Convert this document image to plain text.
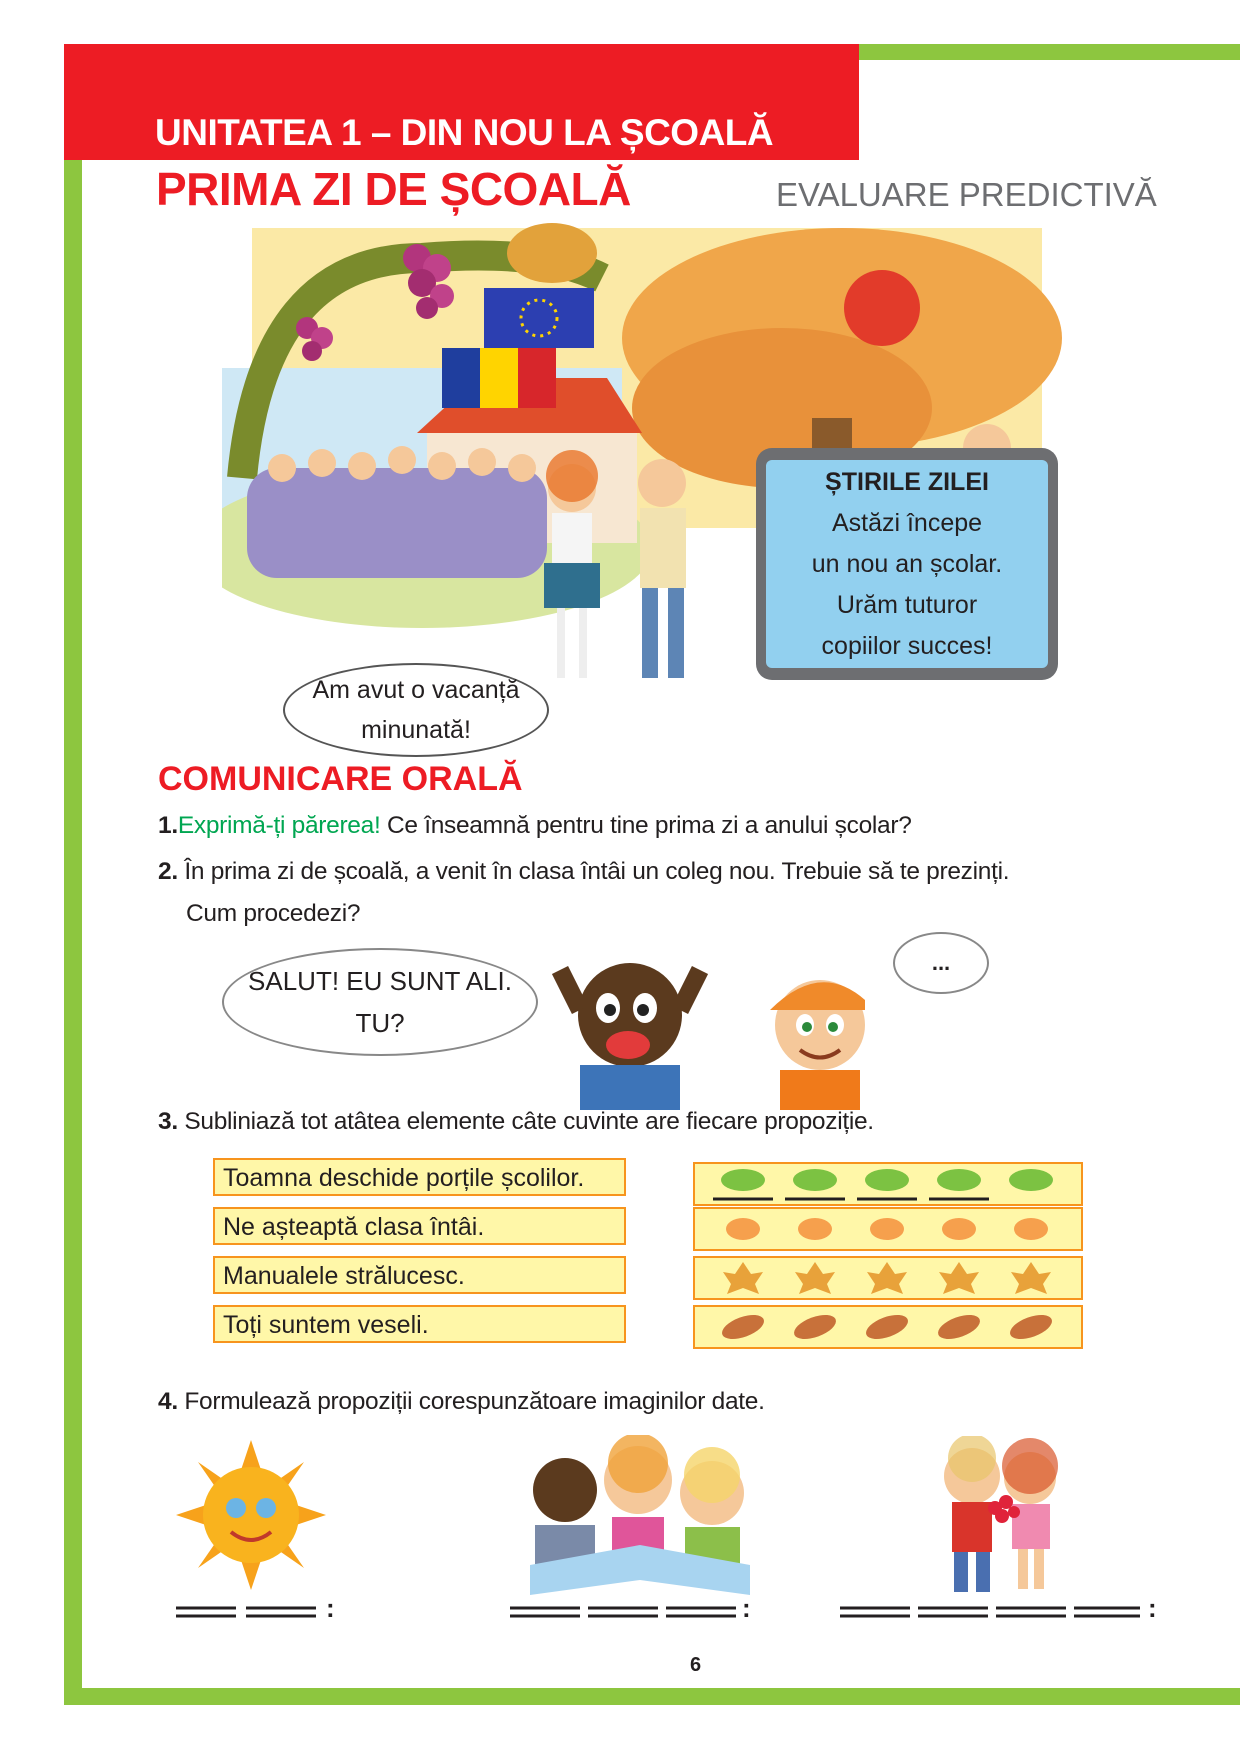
UNITATEA 1 – DIN NOU LA ȘCOALĂ
PRIMA ZI DE ȘCOALĂ	EVALUARE PREDICTIVĂ
ȘTIRILE ZILEI
Astăzi începe
un nou an școlar.
Urăm tuturor
copiilor succes!
Am avut o vacanță
minunată!
COMUNICARE ORALĂ
1.Exprimă-ți părerea! Ce înseamnă pentru tine prima zi a anului școlar?
2. În prima zi de școală, a venit în clasa întâi un coleg nou. Trebuie să te prezinți.
Cum procedezi?
SALUT! EU SUNT ALI.
TU?
...
3. Subliniază tot atâtea elemente câte cuvinte are fiecare propoziție.
Toamna deschide porțile școlilor.
Ne așteaptă clasa întâi.
Manualele strălucesc.
Toți suntem veseli.
4. Formulează propoziții corespunzătoare imaginilor date.
:	:	:
6
